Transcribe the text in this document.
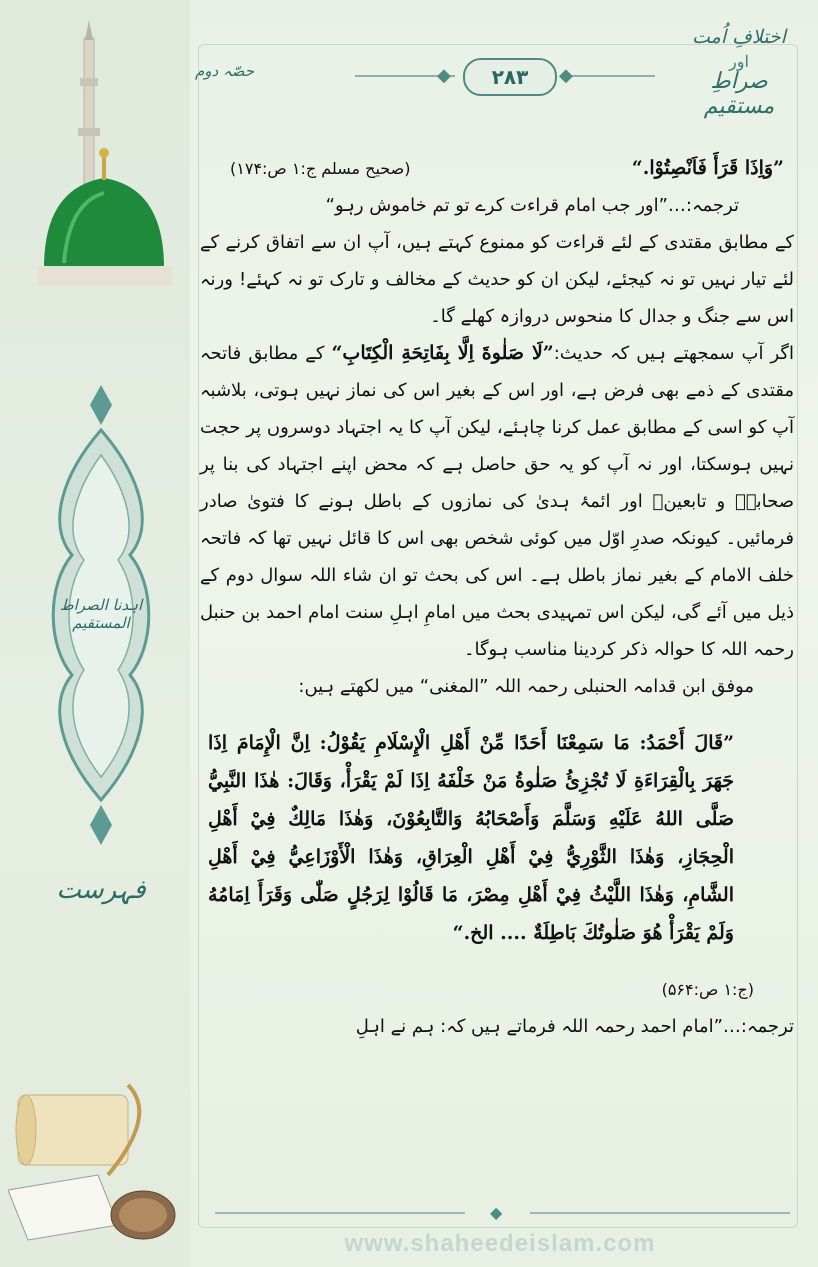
اہدنا الصراط
المستقیم
فہرست
اختلافِ اُمت
اور
صراطِ مستقیم
حصّہ دوم	◆	◆
۲۸۳
”وَاِذَا قَرَأَ فَاَنْصِتُوْا.“
(صحیح مسلم ج:۱ ص:۱۷۴)

ترجمہ:…”اور جب امام قراءت کرے تو تم خاموش رہو“

کے مطابق مقتدی کے لئے قراءت کو ممنوع کہتے ہیں، آپ ان سے اتفاق کرنے کے لئے تیار نہیں تو نہ کیجئے، لیکن ان کو حدیث کے مخالف و تارک تو نہ کہئے! ورنہ اس سے جنگ و جدال کا منحوس دروازہ کھلے گا۔

اگر آپ سمجھتے ہیں کہ حدیث:”لَا صَلٰوةَ اِلَّا بِفَاتِحَةِ الْكِتَابِ“ کے مطابق فاتحہ مقتدی کے ذمے بھی فرض ہے، اور اس کے بغیر اس کی نماز نہیں ہوتی، بلاشبہ آپ کو اسی کے مطابق عمل کرنا چاہئے، لیکن آپ کا یہ اجتہاد دوسروں پر حجت نہیں ہوسکتا، اور نہ آپ کو یہ حق حاصل ہے کہ محض اپنے اجتہاد کی بنا پر صحابہؓ و تابعینؒ اور ائمۂ ہدیٰ کی نمازوں کے باطل ہونے کا فتویٰ صادر فرمائیں۔ کیونکہ صدرِ اوّل میں کوئی شخص بھی اس کا قائل نہیں تھا کہ فاتحہ خلف الامام کے بغیر نماز باطل ہے۔ اس کی بحث تو ان شاء اللہ سوال دوم کے ذیل میں آئے گی، لیکن اس تمہیدی بحث میں امامِ اہلِ سنت امام احمد بن حنبل رحمہ اللہ کا حوالہ ذکر کردینا مناسب ہوگا۔

موفق ابن قدامہ الحنبلی رحمہ اللہ ”المغنی“ میں لکھتے ہیں:

”قَالَ أَحْمَدُ: مَا سَمِعْنَا أَحَدًا مِّنْ أَهْلِ الْإِسْلَامِ يَقُوْلُ: اِنَّ الْإِمَامَ اِذَا جَهَرَ بِالْقِرَاءَةِ لَا تُجْزِئُ صَلٰوةُ مَنْ خَلْفَهُ اِذَا لَمْ يَقْرَأْ، وَقَالَ: هٰذَا النَّبِيُّ صَلَّى اللهُ عَلَيْهِ وَسَلَّمَ وَأَصْحَابُهُ وَالتَّابِعُوْنَ، وَهٰذَا مَالِكٌ فِيْ أَهْلِ الْحِجَازِ، وَهٰذَا الثَّوْرِيُّ فِيْ أَهْلِ الْعِرَاقِ، وَهٰذَا الْأَوْزَاعِيُّ فِيْ أَهْلِ الشَّامِ، وَهٰذَا اللَّيْثُ فِيْ أَهْلِ مِصْرَ، مَا قَالُوْا لِرَجُلٍ صَلّٰى وَقَرَأَ اِمَامُهُ وَلَمْ يَقْرَأْ هُوَ صَلٰوتُكَ بَاطِلَةٌ .... الخ.“

(ج:۱ ص:۵۶۴)

ترجمہ:…”امام احمد رحمہ اللہ فرماتے ہیں کہ: ہم نے اہلِ

◆
www.shaheedeislam.com
